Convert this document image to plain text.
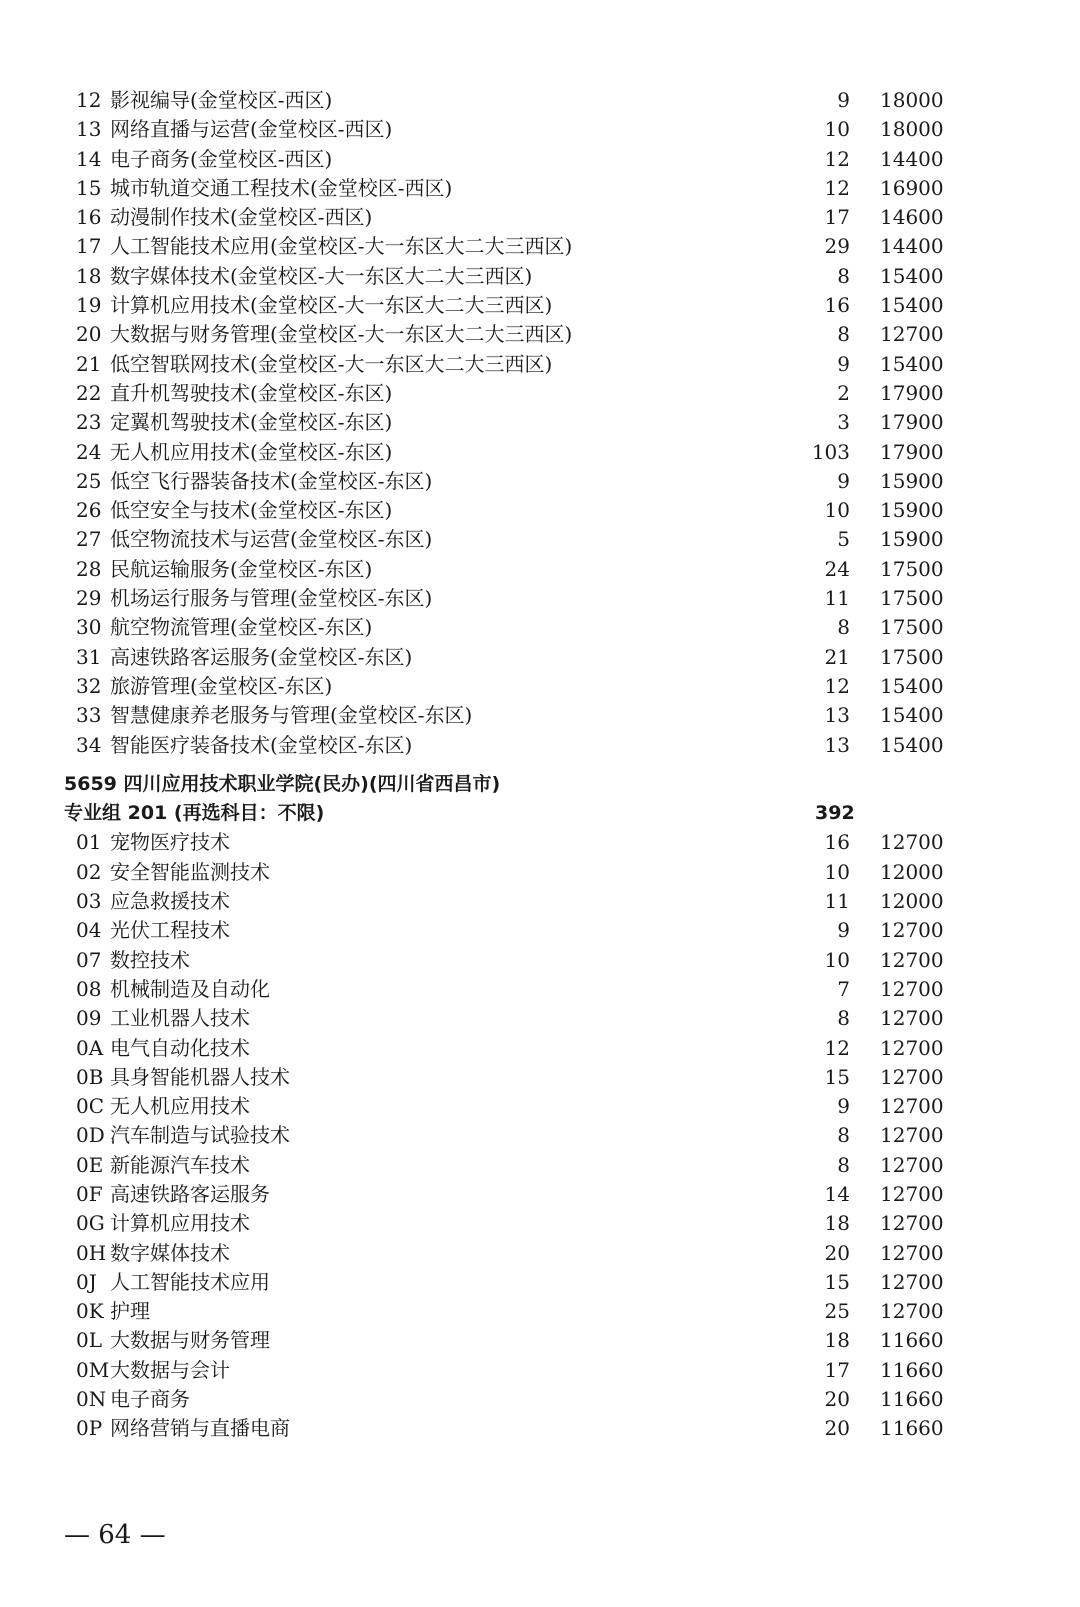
12 影视编导(金堂校区-西区)	9 18000
13 网络直播与运营(金堂校区-西区)	10 18000
14 电子商务(金堂校区-西区)	12 14400
15 城市轨道交通工程技术(金堂校区-西区)	12 16900
16 动漫制作技术(金堂校区-西区)	17 14600
17 人工智能技术应用(金堂校区-大一东区大二大三西区)	29 14400
18 数字媒体技术(金堂校区-大一东区大二大三西区)	8 15400
19 计算机应用技术(金堂校区-大一东区大二大三西区)	16 15400
20 大数据与财务管理(金堂校区-大一东区大二大三西区)	8 12700
21 低空智联网技术(金堂校区-大一东区大二大三西区)	9 15400
22 直升机驾驶技术(金堂校区-东区)	2 17900
23 定翼机驾驶技术(金堂校区-东区)	3 17900
24 无人机应用技术(金堂校区-东区)	103 17900
25 低空飞行器装备技术(金堂校区-东区)	9 15900
26 低空安全与技术(金堂校区-东区)	10 15900
27 低空物流技术与运营(金堂校区-东区)	5 15900
28 民航运输服务(金堂校区-东区)	24 17500
29 机场运行服务与管理(金堂校区-东区)	11 17500
30 航空物流管理(金堂校区-东区)	8 17500
31 高速铁路客运服务(金堂校区-东区)	21 17500
32 旅游管理(金堂校区-东区)	12 15400
33 智慧健康养老服务与管理(金堂校区-东区)	13 15400
34 智能医疗装备技术(金堂校区-东区)	13 15400
5659 四川应用技术职业学院(民办)(四川省西昌市)
专业组 201 (再选科目：不限)	392
01 宠物医疗技术	16 12700
02 安全智能监测技术	10 12000
03 应急救援技术	11 12000
04 光伏工程技术	9 12700
07 数控技术	10 12700
08 机械制造及自动化	7 12700
09 工业机器人技术	8 12700
0A 电气自动化技术	12 12700
0B 具身智能机器人技术	15 12700
0C 无人机应用技术	9 12700
0D 汽车制造与试验技术	8 12700
0E 新能源汽车技术	8 12700
0F 高速铁路客运服务	14 12700
0G 计算机应用技术	18 12700
0H 数字媒体技术	20 12700
0J 人工智能技术应用	15 12700
0K 护理	25 12700
0L 大数据与财务管理	18 11660
0M 大数据与会计	17 11660
0N 电子商务	20 11660
0P 网络营销与直播电商	20 11660
— 64 —
